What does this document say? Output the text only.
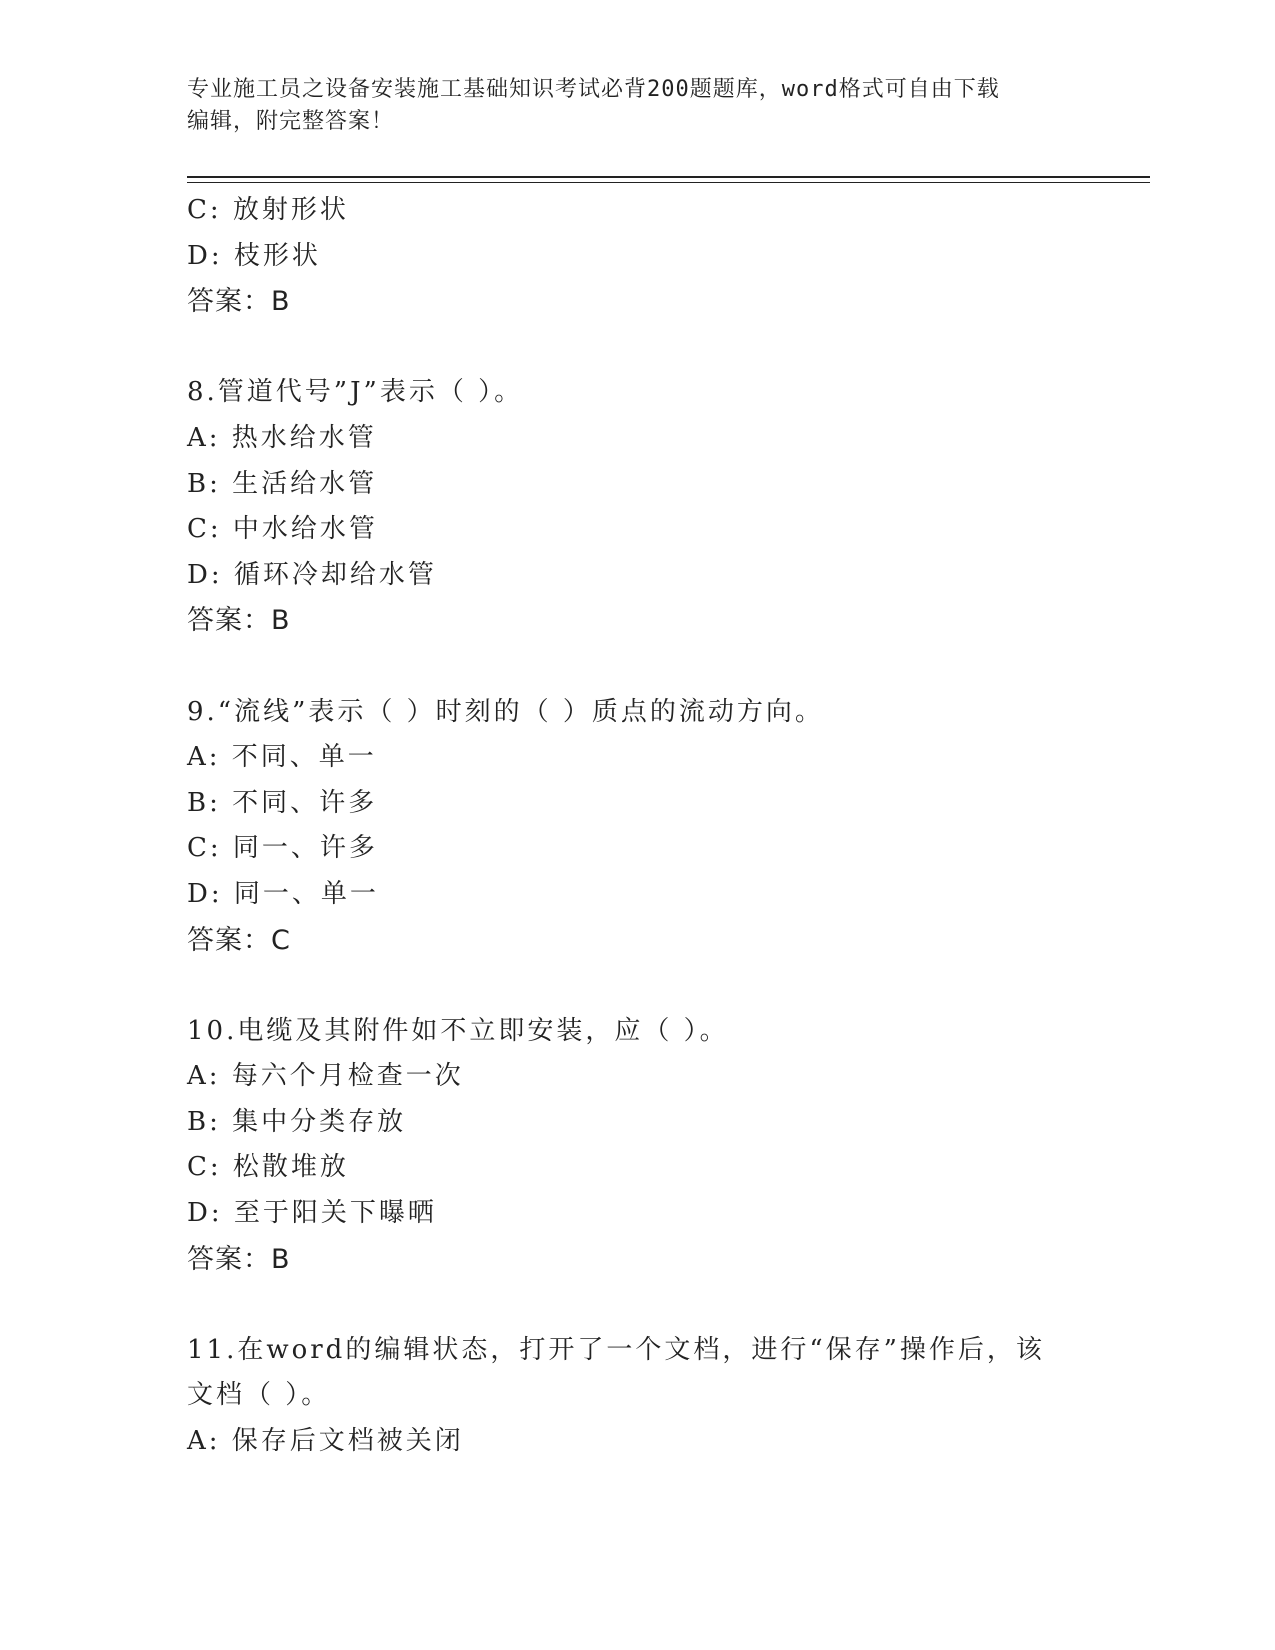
专业施工员之设备安装施工基础知识考试必背200题题库，word格式可自由下载
编辑，附完整答案！
C: 放射形状
D: 枝形状
答案：B
8.管道代号”J”表示（ ）。
A: 热水给水管
B: 生活给水管
C: 中水给水管
D: 循环冷却给水管
答案：B
9.“流线”表示（ ）时刻的（ ）质点的流动方向。
A: 不同、单一
B: 不同、许多
C: 同一、许多
D: 同一、单一
答案：C
10.电缆及其附件如不立即安装，应（ ）。
A: 每六个月检查一次
B: 集中分类存放
C: 松散堆放
D: 至于阳关下曝晒
答案：B
11.在word的编辑状态，打开了一个文档，进行“保存”操作后，该
文档（ ）。
A: 保存后文档被关闭
